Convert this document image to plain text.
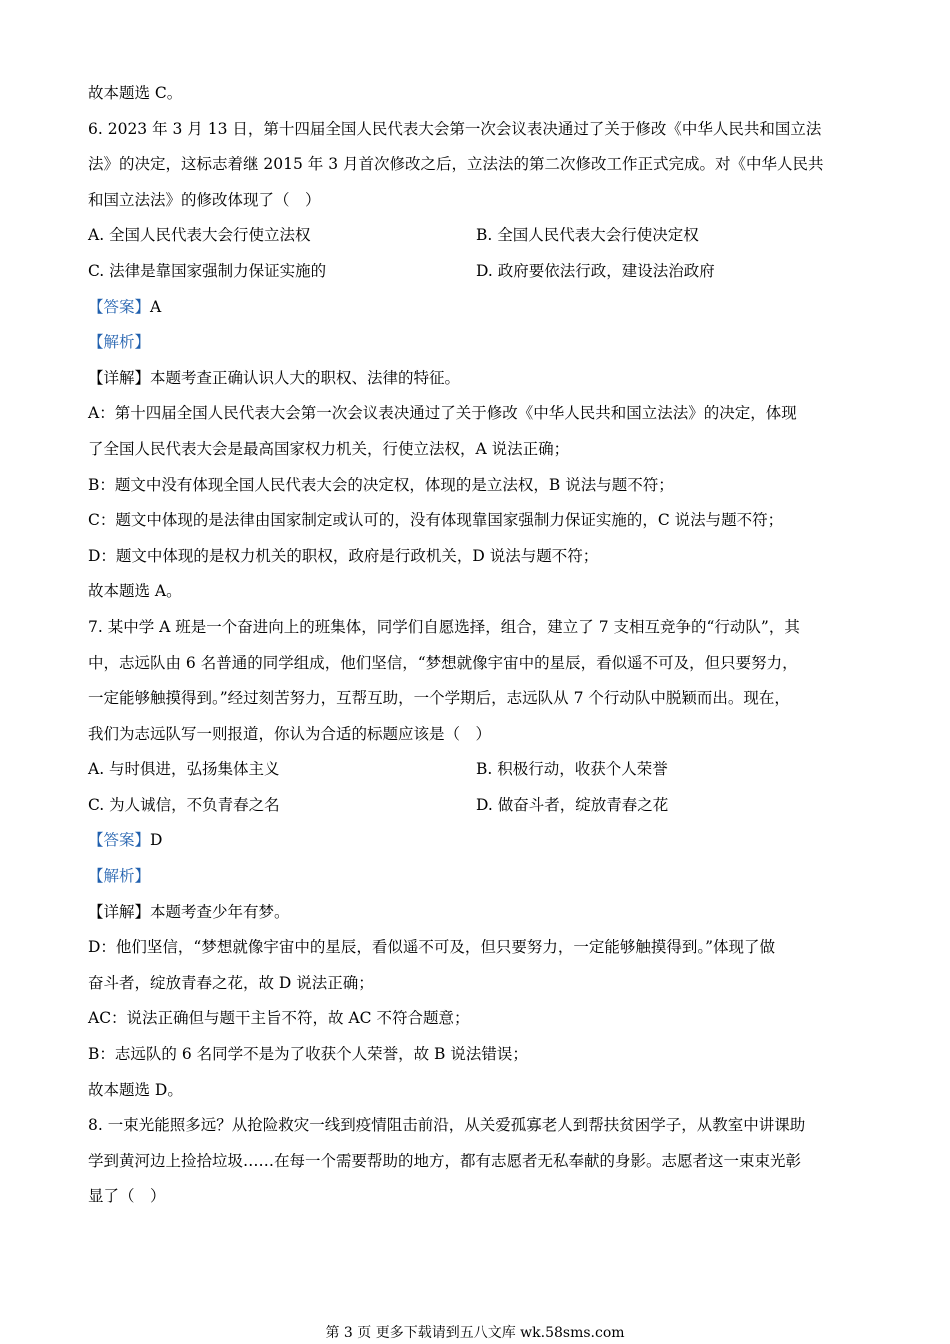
故本题选 C。
6. 2023 年 3 月 13 日，第十四届全国人民代表大会第一次会议表决通过了关于修改《中华人民共和国立法
法》的决定，这标志着继 2015 年 3 月首次修改之后，立法法的第二次修改工作正式完成。对《中华人民共
和国立法法》的修改体现了（　）
A. 全国人民代表大会行使立法权	B. 全国人民代表大会行使决定权
C. 法律是靠国家强制力保证实施的	D. 政府要依法行政，建设法治政府
【答案】A
【解析】
【详解】本题考查正确认识人大的职权、法律的特征。
A：第十四届全国人民代表大会第一次会议表决通过了关于修改《中华人民共和国立法法》的决定，体现
了全国人民代表大会是最高国家权力机关，行使立法权，A 说法正确；
B：题文中没有体现全国人民代表大会的决定权，体现的是立法权，B 说法与题不符；
C：题文中体现的是法律由国家制定或认可的，没有体现靠国家强制力保证实施的，C 说法与题不符；
D：题文中体现的是权力机关的职权，政府是行政机关，D 说法与题不符；
故本题选 A。
7. 某中学 A 班是一个奋进向上的班集体，同学们自愿选择，组合，建立了 7 支相互竞争的“行动队”，其
中，志远队由 6 名普通的同学组成，他们坚信，“梦想就像宇宙中的星辰，看似遥不可及，但只要努力，
一定能够触摸得到。”经过刻苦努力，互帮互助，一个学期后，志远队从 7 个行动队中脱颖而出。现在，
我们为志远队写一则报道，你认为合适的标题应该是（　）
A. 与时俱进，弘扬集体主义	B. 积极行动，收获个人荣誉
C. 为人诚信，不负青春之名	D. 做奋斗者，绽放青春之花
【答案】D
【解析】
【详解】本题考查少年有梦。
D：他们坚信，“梦想就像宇宙中的星辰，看似遥不可及，但只要努力，一定能够触摸得到。”体现了做
奋斗者，绽放青春之花，故 D 说法正确；
AC：说法正确但与题干主旨不符，故 AC 不符合题意；
B：志远队的 6 名同学不是为了收获个人荣誉，故 B 说法错误；
故本题选 D。
8. 一束光能照多远？从抢险救灾一线到疫情阻击前沿，从关爱孤寡老人到帮扶贫困学子，从教室中讲课助
学到黄河边上捡拾垃圾……在每一个需要帮助的地方，都有志愿者无私奉献的身影。志愿者这一束束光彰
显了（　）
第 3 页 更多下载请到五八文库 wk.58sms.com
